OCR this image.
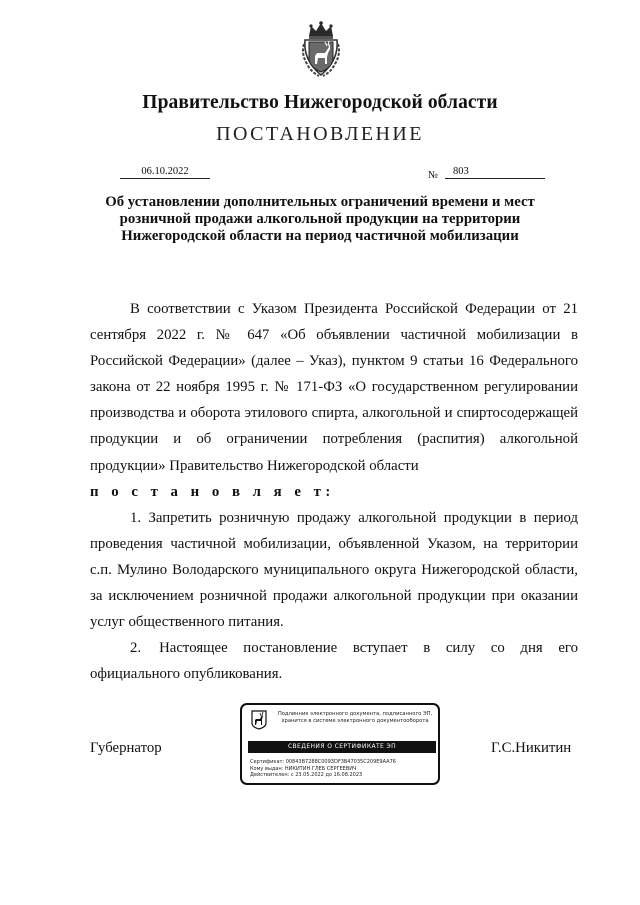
Правительство Нижегородской области
ПОСТАНОВЛЕНИЕ
06.10.2022	№	803
Об установлении дополнительных ограничений времени и мест розничной продажи алкогольной продукции на территории Нижегородской области на период частичной мобилизации

В соответствии с Указом Президента Российской Федерации от 21 сентября 2022 г. № 647 «Об объявлении частичной мобилизации в Российской Федерации» (далее – Указ), пунктом 9 статьи 16 Федерального закона от 22 ноября 1995 г. № 171-ФЗ «О государственном регулировании производства и оборота этилового спирта, алкогольной и спиртосодержащей продукции и об ограничении потребления (распития) алкогольной продукции» Правительство Нижегородской области

п о с т а н о в л я е т:

1. Запретить розничную продажу алкогольной продукции в период проведения частичной мобилизации, объявленной Указом, на территории с.п. Мулино Володарского муниципального округа Нижегородской области, за исключением розничной продажи алкогольной продукции при оказании услуг общественного питания.

2. Настоящее постановление вступает в силу со дня его официального опубликования.

Губернатор	Г.С.Никитин
Подлинник электронного документа, подписанного ЭП,
хранится в системе электронного документооборота
СВЕДЕНИЯ О СЕРТИФИКАТЕ ЭП
Сертификат: 00843B7288C0093DF3B47035C209E9AA76
Кому выдан: НИКИТИН ГЛЕБ СЕРГЕЕВИЧ
Действителен: с 23.05.2022 до 16.08.2023
